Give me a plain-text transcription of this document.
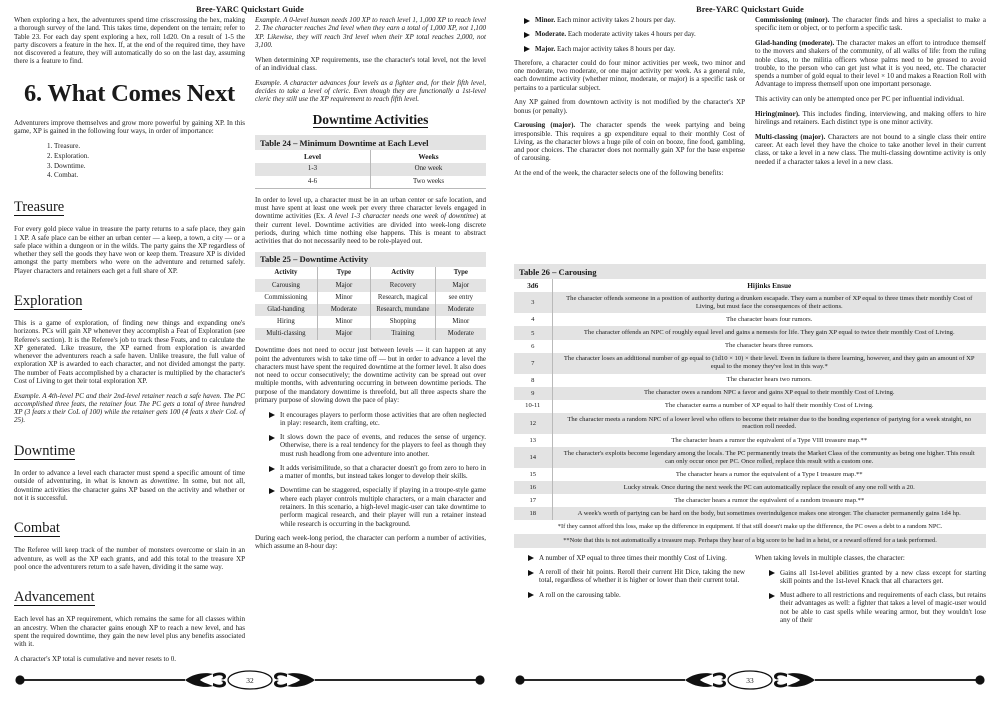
Bree-YARC Quickstart Guide

When exploring a hex, the adventurers spend time crisscrossing the hex, making a thorough survey of the land. This takes time, dependent on the terrain; refer to Table 23. For each day spent exploring a hex, roll 1d20. On a result of 1-5 the party discovers a feature in the hex. If, at the end of the required time, they have not discovered a feature, they will automatically do so on the last day, assuming there is a feature to find.

6. What Comes Next

Adventurers improve themselves and grow more powerful by gaining XP. In this game, XP is gained in the following four ways, in order of importance:

1. Treasure.
2. Exploration.
3. Downtime.
4. Combat.
Treasure

For every gold piece value in treasure the party returns to a safe place, they gain 1 XP. A safe place can be either an urban center — a keep, a town, a city — or a safe place within a dungeon or in the wilds. The party gains the XP regardless of whether they sell the goods they have won or keep them. Treasure XP is divided amongst the party members who were on the adventure and returned safely. Player characters and retainers each get a full share of XP.

Exploration

This is a game of exploration, of finding new things and expanding one's horizons. PCs will gain XP whenever they accomplish a Feat of Exploration (see Referee's section). It is the Referee's job to track these Feats, and to calculate the XP generated. Like treasure, the XP earned from exploration is awarded whenever the adventurers reach a safe haven. Unlike treasure, the full value of exploration XP is awarded to each character, and not divided amongst the party. The number of Feats accomplished by a character is multiplied by the character's Cost of Living to get their total exploration XP.

Example. A 4th-level PC and their 2nd-level retainer reach a safe haven. The PC accomplished three feats, the retainer four. The PC gets a total of three hundred XP (3 feats x their CoL of 100) while the retainer gets 100 (4 feats x their CoL of 25).

Downtime

In order to advance a level each character must spend a specific amount of time outside of adventuring, in what is known as downtime. In some, but not all, downtime activities the character gains XP based on the activity and whether or not it is successful.

Combat

The Referee will keep track of the number of monsters overcome or slain in an adventure, as well as the XP each grants, and add this total to the treasure XP pool once the adventurers return to a safe haven, dividing it the same way.

Advancement

Each level has an XP requirement, which remains the same for all classes within an ancestry. When the character gains enough XP to reach a new level, and has spent the required downtime, they gain the new level plus any benefits associated with it.

A character's XP total is cumulative and never resets to 0.

Example. A 0-level human needs 100 XP to reach level 1, 1,000 XP to reach level 2. The character reaches 2nd level when they earn a total of 1,000 XP, not 1,100 XP. Likewise, they will reach 3rd level when their XP total reaches 2,000, not 3,100.

When determining XP requirements, use the character's total level, not the level of an individual class.

Example. A character advances four levels as a fighter and, for their fifth level, decides to take a level of cleric. Even though they are functionally a 1st-level cleric they still use the XP requirement to reach fifth level.

Downtime Activities
Table 24 – Minimum Downtime at Each Level
Level	Weeks
1-3	One week
4-6	Two weeks

In order to level up, a character must be in an urban center or safe location, and must have spent at least one week per every three character levels engaged in downtime activities (Ex. A level 1-3 character needs one week of downtime) at their current level. Downtime activities are divided into week-long discrete periods, during which time nothing else happens. This is meant to abstract activities that do not necessarily need to be role-played out.

Table 25 – Downtime Activity
Activity	Type	Activity	Type
Carousing	Major	Recovery	Major
Commissioning	Minor	Research, magical	see entry
Glad-handing	Moderate	Research, mundane	Moderate
Hiring	Minor	Shopping	Minor
Multi-classing	Major	Training	Moderate

Downtime does not need to occur just between levels — it can happen at any point the adventurers wish to take time off — but in order to advance a level the characters must have spent the required downtime at the former level. It also does not need to occur consecutively; the downtime activity can be spread out over multiple months, with adventuring occurring in between downtime periods. The purpose of the mandatory downtime is threefold, but all three aspects share the primary purpose of slowing down the pace of play:

It encourages players to perform those activities that are often neglected in play: research, item crafting, etc.

It slows down the pace of events, and reduces the sense of urgency. Otherwise, there is a real tendency for the players to feel as though they must rush headlong from one adventure into another.

It adds verisimilitude, so that a character doesn't go from zero to hero in a matter of months, but instead takes longer to develop their skills.

Downtime can be staggered, especially if playing in a troupe-style game where each player controls multiple characters, or a main character and retainers. In this scenario, a high-level magic-user can take downtime to perform magical research, and their player will run a retainer instead while research is occurring in the background.

During each week-long period, the character can perform a number of activities, which assume an 8-hour day:

32
Bree-YARC Quickstart Guide

Minor. Each minor activity takes 2 hours per day.

Moderate. Each moderate activity takes 4 hours per day.

Major. Each major activity takes 8 hours per day.

Therefore, a character could do four minor activities per week, two minor and one moderate, two moderate, or one major activity per week. As a general rule, each downtime activity (whether minor, moderate, or major) is a specific task or pertains to a particular subject.

Any XP gained from downtown activity is not modified by the character's XP bonus (or penalty).

Carousing (major). The character spends the week partying and being irresponsible. This requires a gp expenditure equal to their monthly Cost of Living, as the character blows a huge pile of coin on booze, fine food, gambling, and poor choices. The character does not normally gain XP for the base expense of carousing.

At the end of the week, the character selects one of the following benefits:

Commissioning (minor). The character finds and hires a specialist to make a specific item or object, or to perform a specific task.

Glad-handing (moderate). The character makes an effort to introduce themself to the movers and shakers of the community, of all walks of life: from the ruling noble class, to the militia officers whose palms need to be greased to avoid trouble, to the person who can get just what it is you need, etc. The character spends a number of gold equal to their level × 10 and makes a Reaction Roll with Advantage to impress themself upon one important personage.

This activity can only be attempted once per PC per influential individual.

Hiring(minor). This includes finding, interviewing, and making offers to hire hirelings and retainers. Each distinct type is one minor activity.

Multi-classing (major). Characters are not bound to a single class their entire career. At each level they have the choice to take another level in their current class, or take a level in a new class. The multi-classing downtime activity is only needed if a character takes a level in a new class.

Table 26 – Carousing
3d6	Hijinks Ensue
3	The character offends someone in a position of authority during a drunken escapade. They earn a number of XP equal to three times their monthly Cost of Living, but must face the consequences of their actions.
4	The character hears four rumors.
5	The character offends an NPC of roughly equal level and gains a nemesis for life. They gain XP equal to twice their monthly Cost of Living.
6	The character hears three rumors.
7	The character loses an additional number of gp equal to (1d10 × 10) × their level. Even in failure is there learning, however, and they gain an amount of XP equal to the money they've lost in this way.*
8	The character hears two rumors.
9	The character owes a random NPC a favor and gains XP equal to their monthly Cost of Living.
10-11	The character earns a number of XP equal to half their monthly Cost of Living.
12	The character meets a random NPC of a lower level who offers to become their retainer due to the bonding experience of partying for a week straight, no reaction roll needed.
13	The character hears a rumor the equivalent of a Type VIII treasure map.**
14	The character's exploits become legendary among the locals. The PC permanently treats the Market Class of the community as being one higher. This result can only occur once per PC. Once rolled, replace this result with a custom one.
15	The character hears a rumor the equivalent of a Type I treasure map.**
16	Lucky streak. Once during the next week the PC can automatically replace the result of any one roll with a 20.
17	The character hears a rumor the equivalent of a random treasure map.**
18	A week's worth of partying can be hard on the body, but sometimes overindulgence makes one stronger. The character permanently gains 1d4 hp.
*If they cannot afford this loss, make up the difference in equipment. If that still doesn't make up the difference, the PC owes a debt to a random NPC.	
**Note that this is not automatically a treasure map. Perhaps they hear of a big score to be had in a heist, or a reward offered for a task performed.	

A number of XP equal to three times their monthly Cost of Living.

A reroll of their hit points. Reroll their current Hit Dice, taking the new total, regardless of whether it is higher or lower than their current total.

A roll on the carousing table.

When taking levels in multiple classes, the character:

Gains all 1st-level abilities granted by a new class except for starting skill points and the 1st-level Knack that all characters get.

Must adhere to all restrictions and requirements of each class, but retains their advantages as well: a fighter that takes a level of magic-user would not be able to cast spells while wearing armor, but they wouldn't lose any of their

33
